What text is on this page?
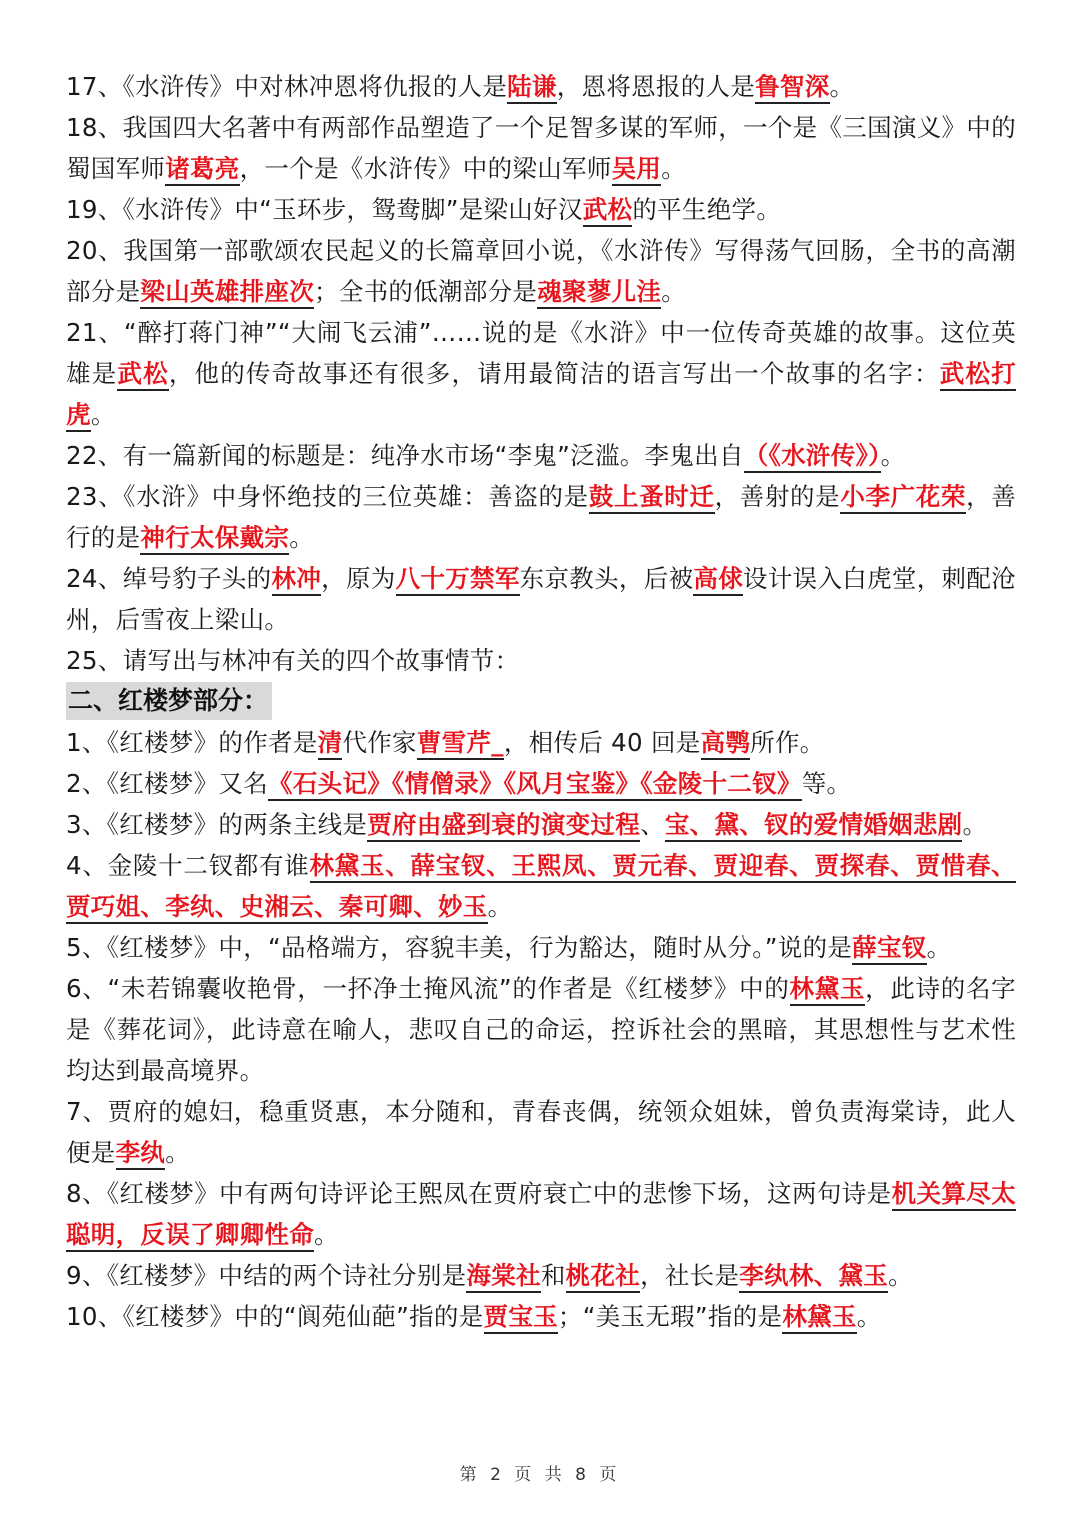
17、《水浒传》中对林冲恩将仇报的人是陆谦，恩将恩报的人是鲁智深。

18、我国四大名著中有两部作品塑造了一个足智多谋的军师，一个是《三国演义》中的蜀国军师诸葛亮，一个是《水浒传》中的梁山军师吴用。

19、《水浒传》中“玉环步，鸳鸯脚”是梁山好汉武松的平生绝学。

20、我国第一部歌颂农民起义的长篇章回小说，《水浒传》写得荡气回肠，全书的高潮部分是梁山英雄排座次；全书的低潮部分是魂聚蓼儿洼。

21、“醉打蒋门神”“大闹飞云浦”……说的是《水浒》中一位传奇英雄的故事。这位英雄是武松，他的传奇故事还有很多，请用最简洁的语言写出一个故事的名字：武松打虎。

22、有一篇新闻的标题是：纯净水市场“李鬼”泛滥。李鬼出自（《水浒传》）。

23、《水浒》中身怀绝技的三位英雄：善盗的是鼓上蚤时迁，善射的是小李广花荣，善行的是神行太保戴宗。

24、绰号豹子头的林冲，原为八十万禁军东京教头，后被高俅设计误入白虎堂，刺配沧州，后雪夜上梁山。

25、请写出与林冲有关的四个故事情节：

二、红楼梦部分：

1、《红楼梦》的作者是清代作家曹雪芹_，相传后 40 回是高鹗所作。

2、《红楼梦》又名《石头记》《情僧录》《风月宝鉴》《金陵十二钗》等。

3、《红楼梦》的两条主线是贾府由盛到衰的演变过程、宝、黛、钗的爱情婚姻悲剧。

4、金陵十二钗都有谁林黛玉、薛宝钗、王熙凤、贾元春、贾迎春、贾探春、贾惜春、贾巧姐、李纨、史湘云、秦可卿、妙玉。

5、《红楼梦》中，“品格端方，容貌丰美，行为豁达，随时从分。”说的是薛宝钗。

6、“未若锦囊收艳骨，一抔净土掩风流”的作者是《红楼梦》中的林黛玉，此诗的名字是《葬花词》，此诗意在喻人，悲叹自己的命运，控诉社会的黑暗，其思想性与艺术性均达到最高境界。

7、贾府的媳妇，稳重贤惠，本分随和，青春丧偶，统领众姐妹，曾负责海棠诗，此人便是李纨。

8、《红楼梦》中有两句诗评论王熙凤在贾府衰亡中的悲惨下场，这两句诗是机关算尽太聪明，反误了卿卿性命。

9、《红楼梦》中结的两个诗社分别是海棠社和桃花社，社长是李纨林、黛玉。

10、《红楼梦》中的“阆苑仙葩”指的是贾宝玉；“美玉无瑕”指的是林黛玉。

第 2 页 共 8 页
